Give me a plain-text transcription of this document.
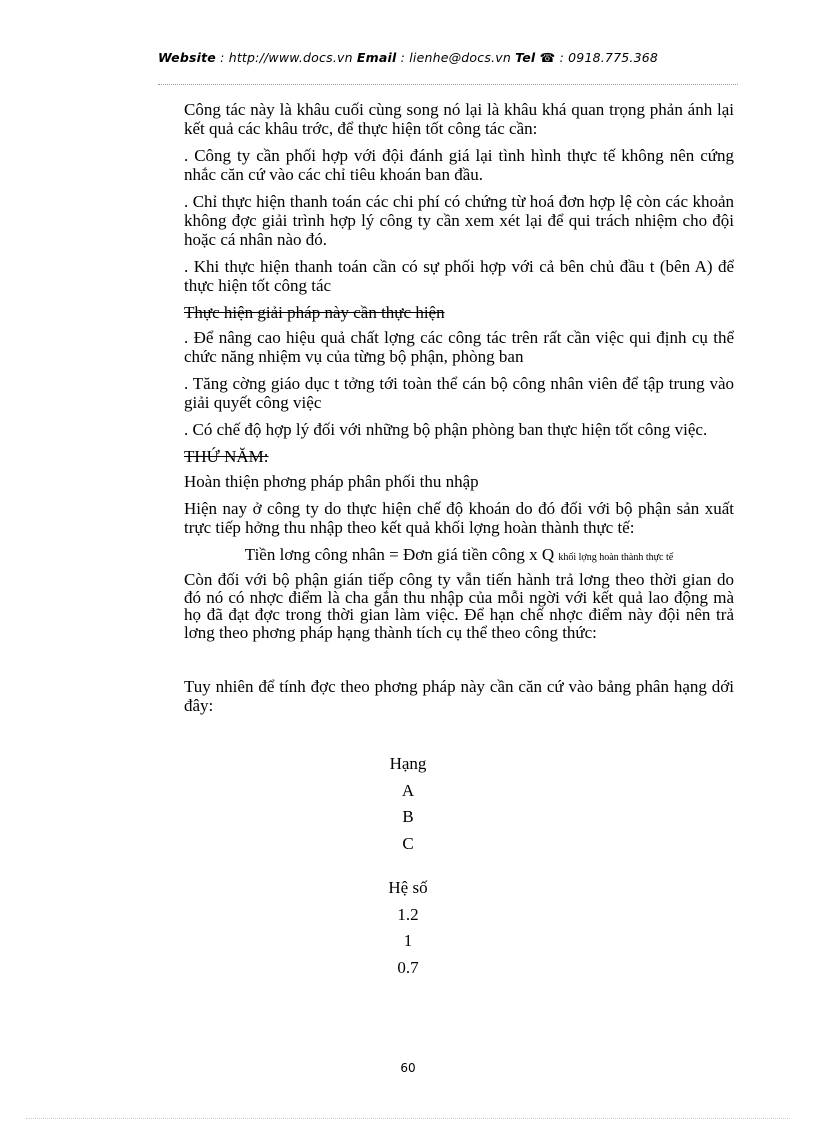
Website : http://www.docs.vn Email : lienhe@docs.vn Tel ☎ : 0918.775.368

Công tác này là khâu cuối cùng song nó lại là khâu khá quan trọng phản ánh lại kết quả các khâu trớc, để thực hiện tốt công tác cần:

. Công ty cần phối hợp với đội đánh giá lại tình hình thực tế không nên cứng nhắc căn cứ vào các chỉ tiêu khoán ban đầu.

. Chỉ thực hiện thanh toán các chi phí có chứng từ hoá đơn hợp lệ còn các khoản không đợc giải trình hợp lý công ty cần xem xét lại để qui trách nhiệm cho đội hoặc cá nhân nào đó.

. Khi thực hiện thanh toán cần có sự phối hợp với cả bên chủ đầu t (bên A) để thực hiện tốt công tác

Thực hiện giải pháp này cần thực hiện

. Để nâng cao hiệu quả chất lợng các công tác trên rất cần việc qui định cụ thể chức năng nhiệm vụ của từng bộ phận, phòng ban

. Tăng cờng giáo dục t tởng tới toàn thể cán bộ công nhân viên để tập trung vào giải quyết công việc

. Có chế độ hợp lý đối với những bộ phận phòng ban thực hiện tốt công việc.

THỨ NĂM:

Hoàn thiện phơng pháp phân phối thu nhập

Hiện nay ở công ty do thực hiện chế độ khoán do đó đối với bộ phận sản xuất trực tiếp hởng thu nhập theo kết quả khối lợng hoàn thành thực tế:

Tiền lơng công nhân = Đơn giá tiền công x Q khối lợng hoàn thành thực tế

Còn đối với bộ phận gián tiếp công ty vẫn tiến hành trả lơng theo thời gian do đó nó có nhợc điểm là cha gắn thu nhập của mỗi ngời với kết quả lao động mà họ đã đạt đợc trong thời gian làm việc. Để hạn chế nhợc điểm này đội nên trả lơng theo phơng pháp hạng thành tích cụ thể theo công thức:

Tuy nhiên để tính đợc theo phơng pháp này cần căn cứ vào bảng phân hạng dới đây:

Hạng
A
B
C
Hệ số
1.2
1
0.7
60
